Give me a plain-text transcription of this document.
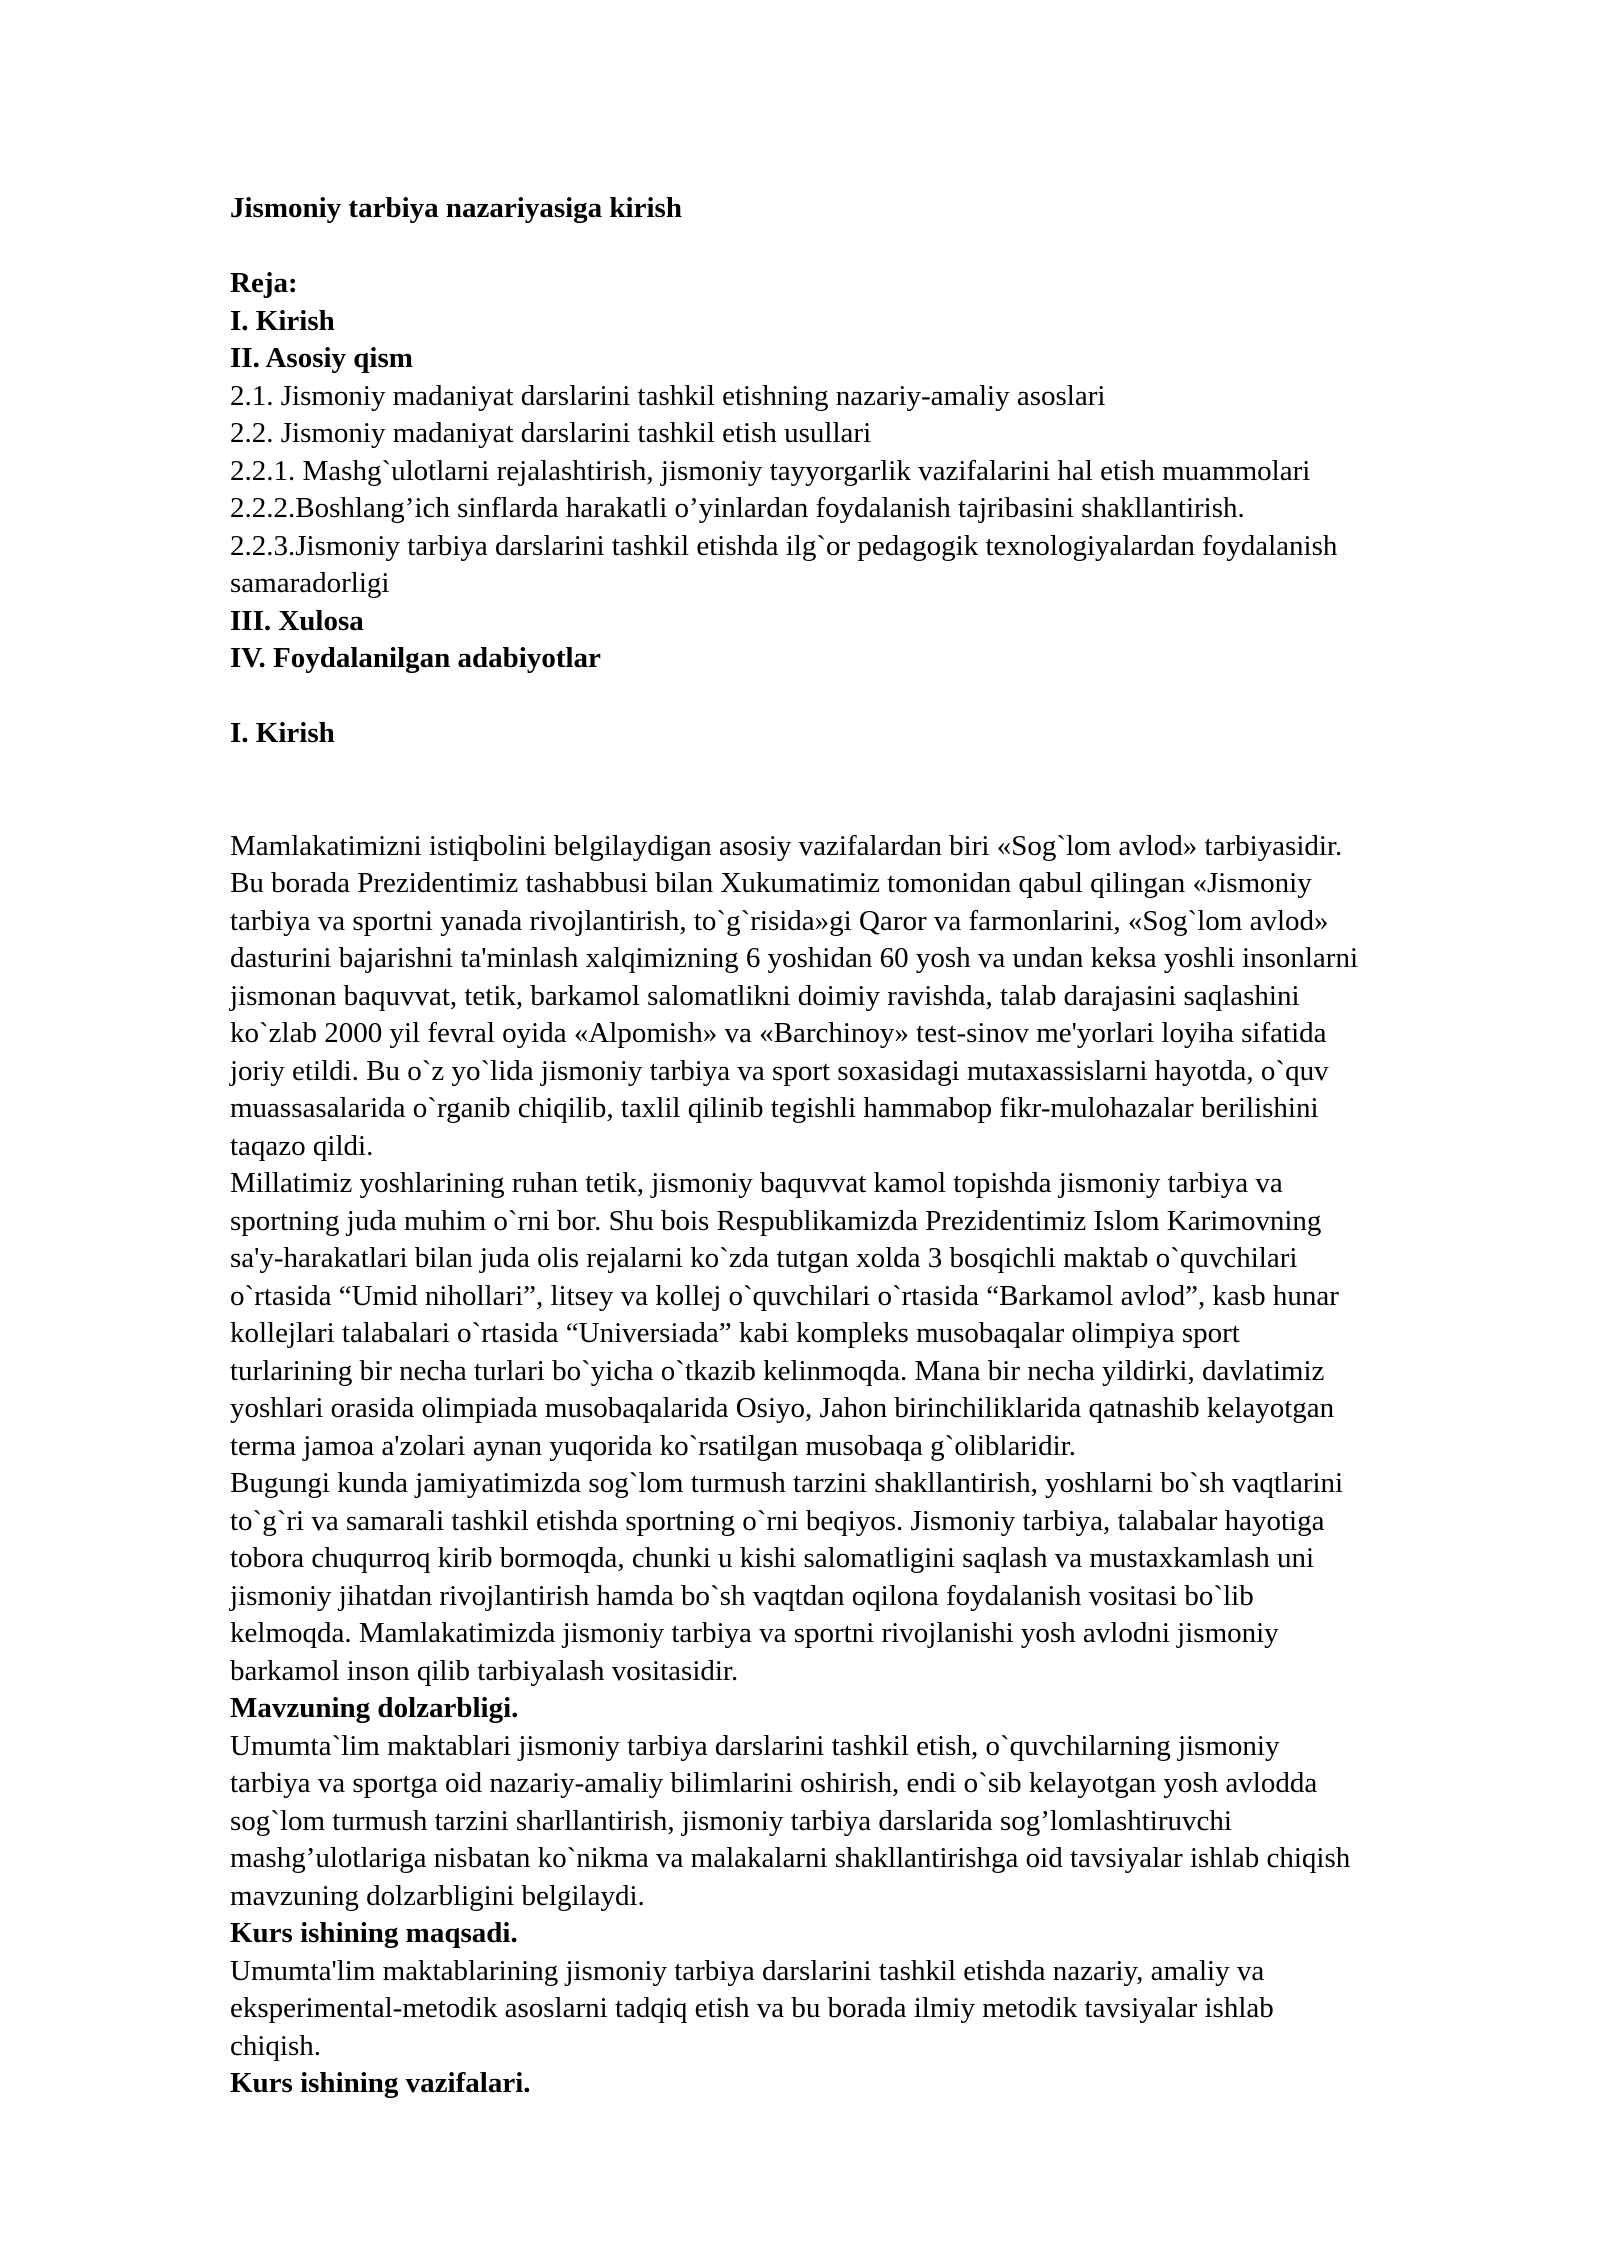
Jismoniy tarbiya nazariyasiga kirish
Reja:
I. Kirish
II. Asosiy qism
2.1. Jismoniy madaniyat darslarini tashkil etishning nazariy-amaliy asoslari
2.2. Jismoniy madaniyat darslarini tashkil etish usullari
2.2.1. Mashg`ulotlarni rejalashtirish, jismoniy tayyorgarlik vazifalarini hal etish muammolari
2.2.2.Boshlang’ich sinflarda harakatli o’yinlardan foydalanish tajribasini shakllantirish.
2.2.3.Jismoniy tarbiya darslarini tashkil etishda ilg`or pedagogik texnologiyalardan foydalanish
samaradorligi
III. Xulosa
IV. Foydalanilgan adabiyotlar
I. Kirish
Mamlakatimizni istiqbolini belgilaydigan asosiy vazifalardan biri «Sog`lom avlod» tarbiyasidir.
Bu borada Prezidentimiz tashabbusi bilan Xukumatimiz tomonidan qabul qilingan «Jismoniy
tarbiya va sportni yanada rivojlantirish, to`g`risida»gi Qaror va farmonlarini, «Sog`lom avlod»
dasturini bajarishni ta'minlash xalqimizning 6 yoshidan 60 yosh va undan keksa yoshli insonlarni
jismonan baquvvat, tetik, barkamol salomatlikni doimiy ravishda, talab darajasini saqlashini
ko`zlab 2000 yil fevral oyida «Alpomish» va «Barchinoy» test-sinov me'yorlari loyiha sifatida
joriy etildi. Bu o`z yo`lida jismoniy tarbiya va sport soxasidagi mutaxassislarni hayotda, o`quv
muassasalarida o`rganib chiqilib, taxlil qilinib tegishli hammabop fikr-mulohazalar berilishini
taqazo qildi.
Millatimiz yoshlarining ruhan tetik, jismoniy baquvvat kamol topishda jismoniy tarbiya va
sportning juda muhim o`rni bor. Shu bois Respublikamizda Prezidentimiz Islom Karimovning
sa'y-harakatlari bilan juda olis rejalarni ko`zda tutgan xolda 3 bosqichli maktab o`quvchilari
o`rtasida “Umid nihollari”, litsey va kollej o`quvchilari o`rtasida “Barkamol avlod”, kasb hunar
kollejlari talabalari o`rtasida “Universiada” kabi kompleks musobaqalar olimpiya sport
turlarining bir necha turlari bo`yicha o`tkazib kelinmoqda. Mana bir necha yildirki, davlatimiz
yoshlari orasida olimpiada musobaqalarida Osiyo, Jahon birinchiliklarida qatnashib kelayotgan
terma jamoa a'zolari aynan yuqorida ko`rsatilgan musobaqa g`oliblaridir.
Bugungi kunda jamiyatimizda sog`lom turmush tarzini shakllantirish, yoshlarni bo`sh vaqtlarini
to`g`ri va samarali tashkil etishda sportning o`rni beqiyos. Jismoniy tarbiya, talabalar hayotiga
tobora chuqurroq kirib bormoqda, chunki u kishi salomatligini saqlash va mustaxkamlash uni
jismoniy jihatdan rivojlantirish hamda bo`sh vaqtdan oqilona foydalanish vositasi bo`lib
kelmoqda. Mamlakatimizda jismoniy tarbiya va sportni rivojlanishi yosh avlodni jismoniy
barkamol inson qilib tarbiyalash vositasidir.
Mavzuning dolzarbligi.
Umumta`lim maktablari jismoniy tarbiya darslarini tashkil etish, o`quvchilarning jismoniy
tarbiya va sportga oid nazariy-amaliy bilimlarini oshirish, endi o`sib kelayotgan yosh avlodda
sog`lom turmush tarzini sharllantirish, jismoniy tarbiya darslarida sog’lomlashtiruvchi
mashg’ulotlariga nisbatan ko`nikma va malakalarni shakllantirishga oid tavsiyalar ishlab chiqish
mavzuning dolzarbligini belgilaydi.
Kurs ishining maqsadi.
Umumta'lim maktablarining jismoniy tarbiya darslarini tashkil etishda nazariy, amaliy va
eksperimental-metodik asoslarni tadqiq etish va bu borada ilmiy metodik tavsiyalar ishlab
chiqish.
Kurs ishining vazifalari.
